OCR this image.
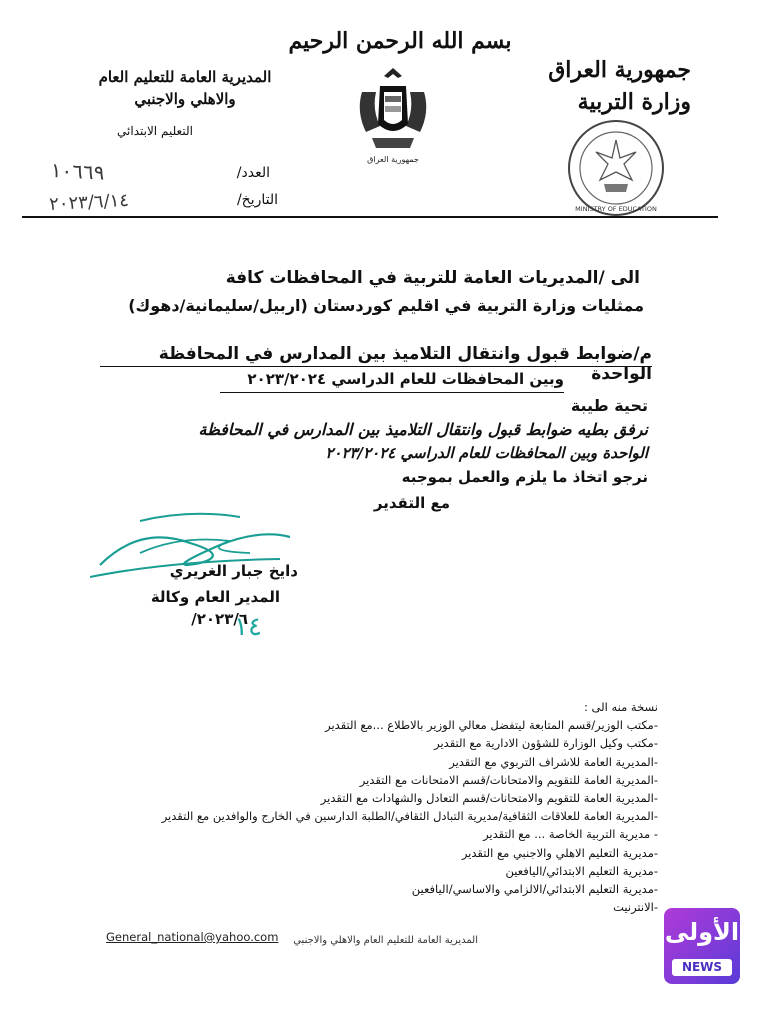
بسم الله الرحمن الرحيم
جمهورية العراق
وزارة التربية
المديرية العامة للتعليم العام
والاهلي والاجنبي
التعليم الابتدائي
العدد/
التاريخ/
١٠٦٦٩
٢٠٢٣/٦/١٤
جمهورية العراق
MINISTRY OF EDUCATION
الى /المديريات العامة للتربية في المحافظات كافة
ممثليات وزارة التربية في اقليم كوردستان (اربيل/سليمانية/دهوك)
م/ضوابط قبول وانتقال التلاميذ بين المدارس في المحافظة الواحدة
وبين المحافظات للعام الدراسي ٢٠٢٣/٢٠٢٤
تحية طيبة
نرفق بطيه ضوابط قبول وانتقال التلاميذ بين المدارس في المحافظة
الواحدة وبين المحافظات للعام الدراسي ٢٠٢٣/٢٠٢٤
نرجو اتخاذ ما يلزم والعمل بموجبه
مع التقدير
دايخ جبار الغريري
المدير العام وكالة
٢٠٢٣/٦/
١٤
نسخة منه الى :
-مكتب الوزير/قسم المتابعة ليتفضل معالي الوزير بالاطلاع ...مع التقدير
-مكتب وكيل الوزارة للشؤون الادارية مع التقدير
-المديرية العامة للاشراف التربوي مع التقدير
-المديرية العامة للتقويم والامتحانات/قسم الامتحانات مع التقدير
-المديرية العامة للتقويم والامتحانات/قسم التعادل والشهادات مع التقدير
-المديرية العامة للعلاقات الثقافية/مديرية التبادل الثقافي/الطلبة الدارسين في الخارج والوافدين مع التقدير
- مديرية التربية الخاصة ... مع التقدير
-مديرية التعليم الاهلي والاجنبي مع التقدير
-مديرية التعليم الابتدائي/اليافعين
-مديرية التعليم الابتدائي/الالزامي والاساسي/اليافعين
-الانترنيت
General_national@yahoo.com	المديرية العامة للتعليم العام والاهلي والاجنبي	الأولى
NEWS
